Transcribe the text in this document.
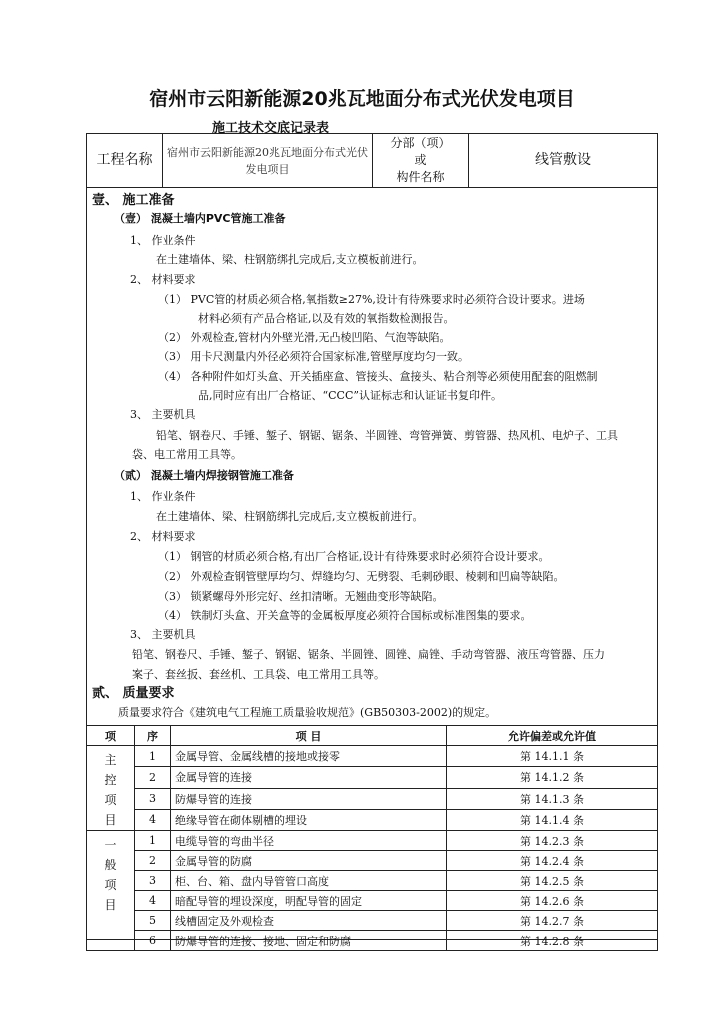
宿州市云阳新能源20兆瓦地面分布式光伏发电项目
施工技术交底记录表
工程名称	宿州市云阳新能源20兆瓦地面分布式光伏发电项目	
分部（项）
或
构件名称
	线管敷设
壹、 施工准备
（壹） 混凝土墙内PVC管施工准备
1、 作业条件
在土建墙体、梁、柱钢筋绑扎完成后,支立模板前进行。
2、 材料要求
（1） PVC管的材质必须合格,氧指数≥27%,设计有待殊要求时必须符合设计要求。进场
材料必须有产品合格证,以及有效的氧指数检测报告。
（2） 外观检查,管材内外壁光滑,无凸棱凹陷、气泡等缺陷。
（3） 用卡尺测量内外径必须符合国家标准,管壁厚度均匀一致。
（4） 各种附件如灯头盒、开关插座盒、管接头、盒接头、粘合剂等必须使用配套的阻燃制
品,同时应有出厂合格证、“CCC”认证标志和认证证书复印件。
3、 主要机具
铅笔、钢卷尺、手锤、錾子、钢锯、锯条、半圆锉、弯管弹簧、剪管器、热风机、电炉子、工具
袋、电工常用工具等。
（贰） 混凝土墙内焊接钢管施工准备
1、 作业条件
在土建墙体、梁、柱钢筋绑扎完成后,支立模板前进行。
2、 材料要求
（1） 钢管的材质必须合格,有出厂合格证,设计有待殊要求时必须符合设计要求。
（2） 外观检查钢管壁厚均匀、焊缝均匀、无劈裂、毛刺砂眼、棱刺和凹扁等缺陷。
（3） 锁紧螺母外形完好、丝扣清晰。无翘曲变形等缺陷。
（4） 铁制灯头盒、开关盒等的金属板厚度必须符合国标或标准图集的要求。
3、 主要机具
铅笔、钢卷尺、手锤、錾子、钢锯、锯条、半圆锉、圆锉、扁锉、手动弯管器、液压弯管器、压力
案子、套丝扳、套丝机、工具袋、电工常用工具等。
贰、 质量要求
质量要求符合《建筑电气工程施工质量验收规范》(GB50303-2002)的规定。
项	序	项 目	允许偏差或允许值

主控项目	1	金属导管、金属线槽的接地或接零	第 14.1.1 条
	2	金属导管的连接	第 14.1.2 条
	3	防爆导管的连接	第 14.1.3 条
	4	绝缘导管在砌体剔槽的埋设	第 14.1.4 条

一般项目	1	电缆导管的弯曲半径	第 14.2.3 条
	2	金属导管的防腐	第 14.2.4 条
	3	柜、台、箱、盘内导管管口高度	第 14.2.5 条
	4	暗配导管的埋设深度，明配导管的固定	第 14.2.6 条
	5	线槽固定及外观检查	第 14.2.7 条
	6	防爆导管的连接、接地、固定和防腐	第 14.2.8 条
